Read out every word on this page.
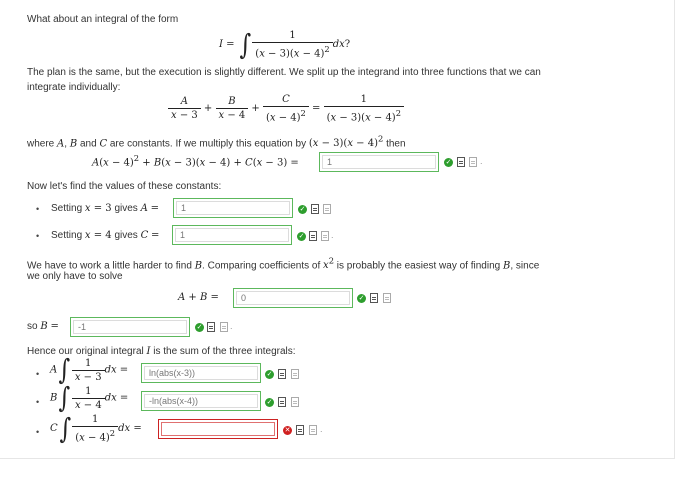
What about an integral of the form
I = ∫ $\frac{1}{(x - 3)(x - 4)^2}$ dx?
The plan is the same, but the execution is slightly different. We split up the integrand into three functions that we can
integrate individually:
$\frac{A}{x - 3} + \frac{B}{x - 4} + \frac{C}{(x - 4)^2} = \frac{1}{(x - 3)(x - 4)^2}$
where A, B and C are constants. If we multiply this equation by $(x - 3)(x - 4)^2$ then
$A(x - 4)^2 + B(x - 3)(x - 4) + C(x - 3)$ =	1	✓	.
Now let's find the values of these constants:
• Setting x = 3 gives A =	1	✓
• Setting x = 4 gives C =	1	✓	.
We have to work a little harder to find B. Comparing coefficients of $x^2$ is probably the easiest way of finding B, since
we only have to solve
A + B =	0	✓
so B =	-1	✓	.
Hence our original integral I is the sum of the three integrals:
• $A\int \frac{1}{x - 3}$ dx =	ln(abs(x-3))	✓
• $B\int \frac{1}{x - 4}$ dx =	-ln(abs(x-4))	✓
• $C\int \frac{1}{(x - 4)^2}$ dx =	✕	.
